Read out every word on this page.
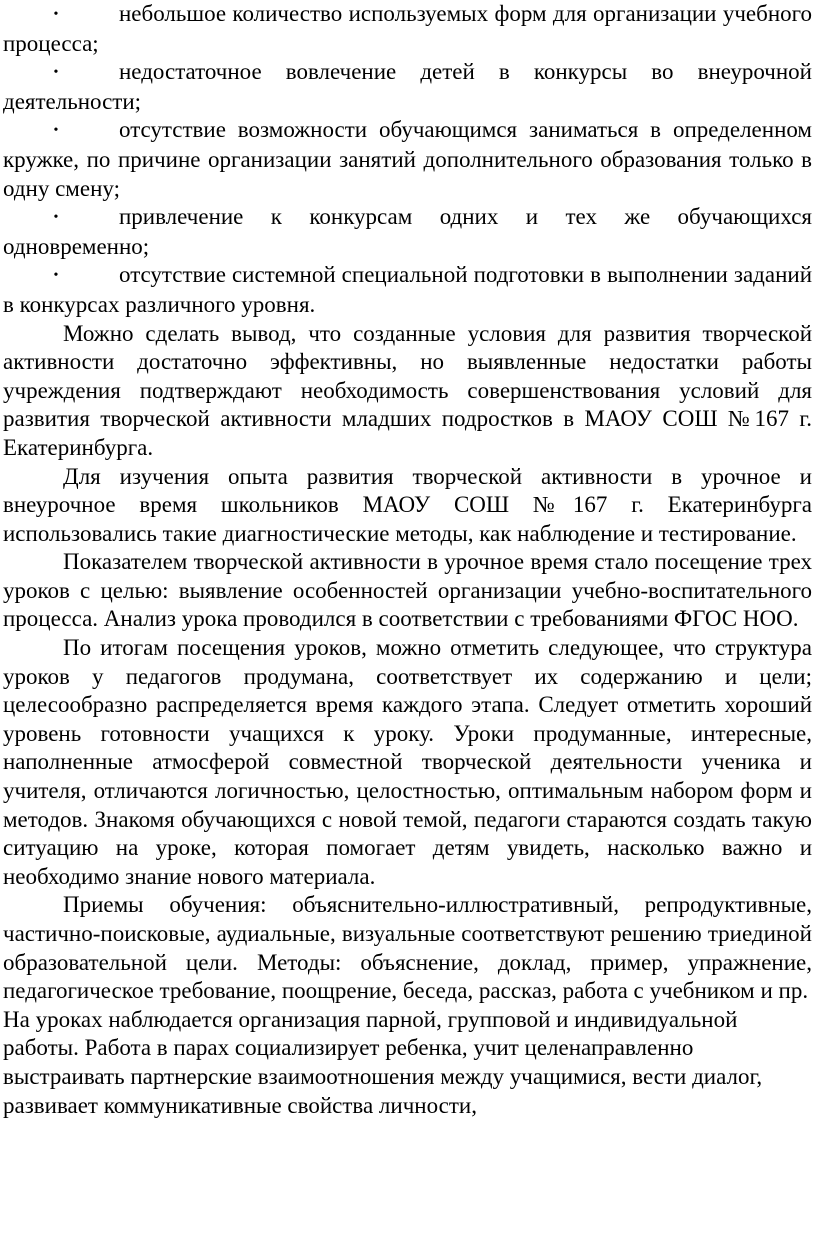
•	небольшое количество используемых форм для организации учебного процесса;

•	недостаточное вовлечение детей в конкурсы во внеурочной деятельности;

•	отсутствие возможности обучающимся заниматься в определенном кружке, по причине организации занятий дополнительного образования только в одну смену;

•	привлечение к конкурсам одних и тех же обучающихся одновременно;

•	отсутствие системной специальной подготовки в выполнении заданий в конкурсах различного уровня.

Можно сделать вывод, что созданные условия для развития творческой активности достаточно эффективны, но выявленные недостатки работы учреждения подтверждают необходимость совершенствования условий для развития творческой активности младших подростков в МАОУ СОШ №167 г. Екатеринбурга.

Для изучения опыта развития творческой активности в урочное и внеурочное время школьников МАОУ СОШ №167 г. Екатеринбурга использовались такие диагностические методы, как наблюдение и тестирование.

Показателем творческой активности в урочное время стало посещение трех уроков с целью: выявление особенностей организации учебно-воспитательного процесса. Анализ урока проводился в соответствии с требованиями ФГОС НОО.

По итогам посещения уроков, можно отметить следующее, что структура уроков у педагогов продумана, соответствует их содержанию и цели; целесообразно распределяется время каждого этапа. Следует отметить хороший уровень готовности учащихся к уроку. Уроки продуманные, интересные, наполненные атмосферой совместной творческой деятельности ученика и учителя, отличаются логичностью, целостностью, оптимальным набором форм и методов. Знакомя обучающихся с новой темой, педагоги стараются создать такую ситуацию на уроке, которая помогает детям увидеть, насколько важно и необходимо знание нового материала.

Приемы обучения: объяснительно-иллюстративный, репродуктивные, частично-поисковые, аудиальные, визуальные соответствуют решению триединой образовательной цели. Методы: объяснение, доклад, пример, упражнение, педагогическое требование, поощрение, беседа, рассказ, работа с учебником и пр.

На уроках наблюдается организация парной, групповой и индивидуальной работы. Работа в парах социализирует ребенка, учит целенаправленно выстраивать партнерские взаимоотношения между учащимися, вести диалог, развивает коммуникативные свойства личности,
